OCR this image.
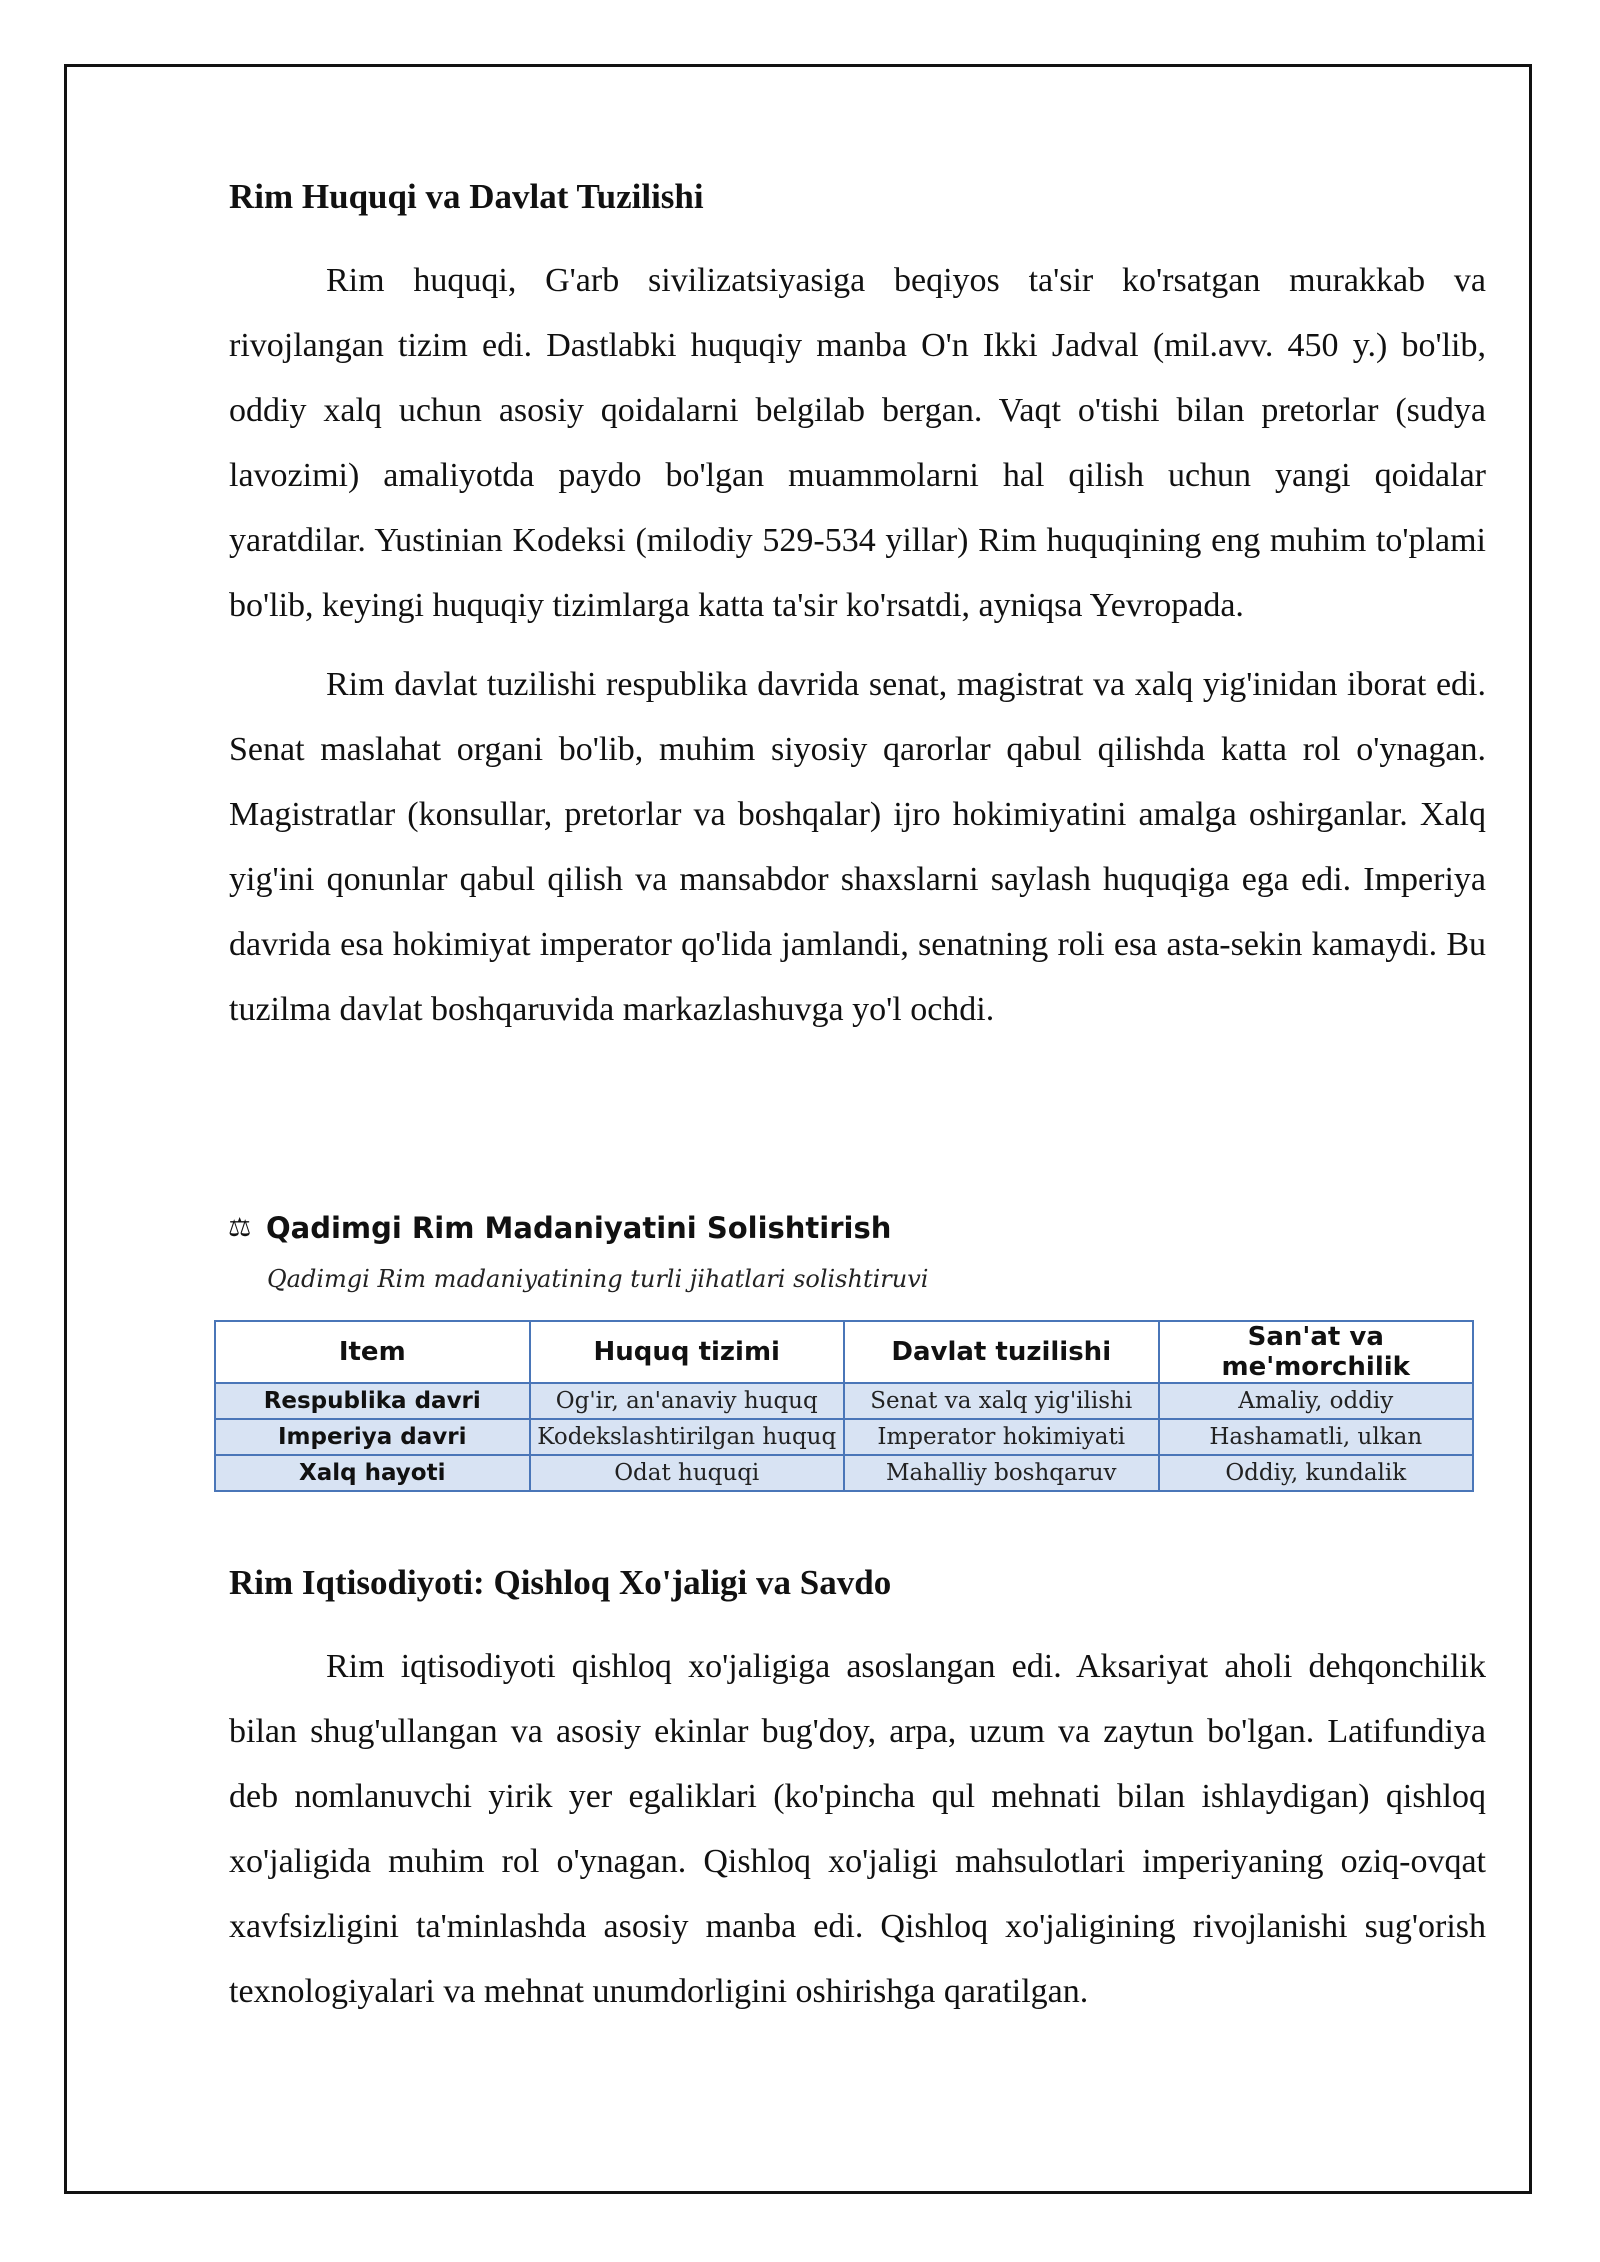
Rim Huquqi va Davlat Tuzilishi

Rim huquqi, G'arb sivilizatsiyasiga beqiyos ta'sir ko'rsatgan murakkab va rivojlangan tizim edi. Dastlabki huquqiy manba O'n Ikki Jadval (mil.avv. 450 y.) bo'lib, oddiy xalq uchun asosiy qoidalarni belgilab bergan. Vaqt o'tishi bilan pretorlar (sudya lavozimi) amaliyotda paydo bo'lgan muammolarni hal qilish uchun yangi qoidalar yaratdilar. Yustinian Kodeksi (milodiy 529-534 yillar) Rim huquqining eng muhim to'plami bo'lib, keyingi huquqiy tizimlarga katta ta'sir ko'rsatdi, ayniqsa Yevropada.

Rim davlat tuzilishi respublika davrida senat, magistrat va xalq yig'inidan iborat edi. Senat maslahat organi bo'lib, muhim siyosiy qarorlar qabul qilishda katta rol o'ynagan. Magistratlar (konsullar, pretorlar va boshqalar) ijro hokimiyatini amalga oshirganlar. Xalq yig'ini qonunlar qabul qilish va mansabdor shaxslarni saylash huquqiga ega edi. Imperiya davrida esa hokimiyat imperator qo'lida jamlandi, senatning roli esa asta-sekin kamaydi. Bu tuzilma davlat boshqaruvida markazlashuvga yo'l ochdi.

⚖ Qadimgi Rim Madaniyatini Solishtirish
Qadimgi Rim madaniyatining turli jihatlari solishtiruvi
Item	Huquq tizimi	Davlat tuzilishi	San'at va me'morchilik
Respublika davri	Og'ir, an'anaviy huquq	Senat va xalq yig'ilishi	Amaliy, oddiy
Imperiya davri	Kodekslashtirilgan huquq	Imperator hokimiyati	Hashamatli, ulkan
Xalq hayoti	Odat huquqi	Mahalliy boshqaruv	Oddiy, kundalik
Rim Iqtisodiyoti: Qishloq Xo'jaligi va Savdo

Rim iqtisodiyoti qishloq xo'jaligiga asoslangan edi. Aksariyat aholi dehqonchilik bilan shug'ullangan va asosiy ekinlar bug'doy, arpa, uzum va zaytun bo'lgan. Latifundiya deb nomlanuvchi yirik yer egaliklari (ko'pincha qul mehnati bilan ishlaydigan) qishloq xo'jaligida muhim rol o'ynagan. Qishloq xo'jaligi mahsulotlari imperiyaning oziq-ovqat xavfsizligini ta'minlashda asosiy manba edi. Qishloq xo'jaligining rivojlanishi sug'orish texnologiyalari va mehnat unumdorligini oshirishga qaratilgan.
